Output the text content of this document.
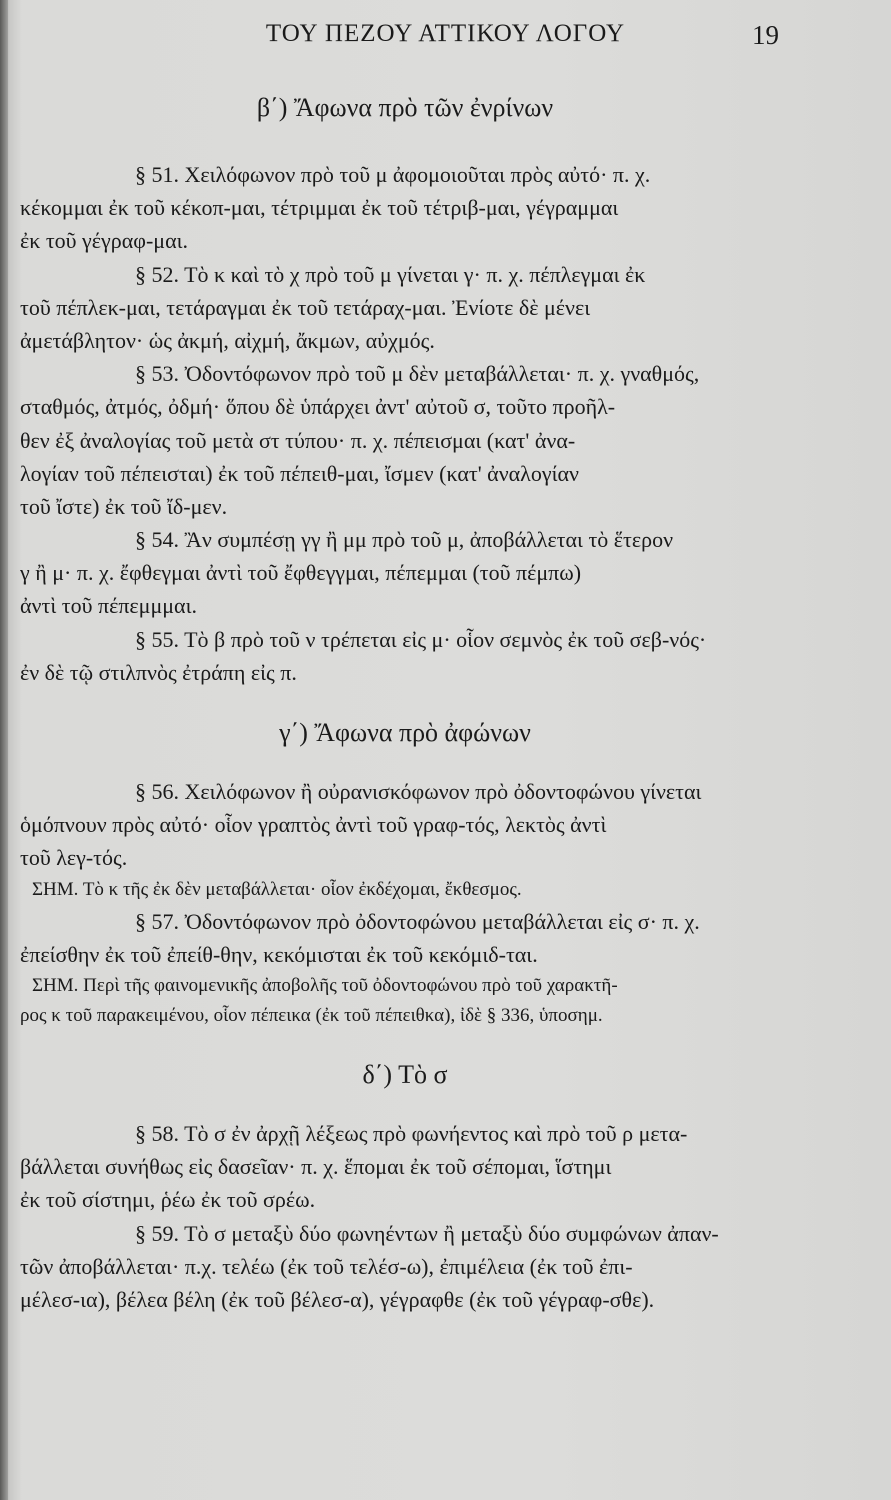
ΤΟΥ ΠΕΖΟΥ ΑΤΤΙΚΟΥ ΛΟΓΟΥ	19
β΄) Ἄφωνα πρὸ τῶν ἐνρίνων
§ 51. Χειλόφωνον πρὸ τοῦ μ ἀφομοιοῦται πρὸς αὐτό· π. χ.
κέκομμαι ἐκ τοῦ κέκοπ-μαι, τέτριμμαι ἐκ τοῦ τέτριβ-μαι, γέγραμμαι
ἐκ τοῦ γέγραφ-μαι.
§ 52. Τὸ κ καὶ τὸ χ πρὸ τοῦ μ γίνεται γ· π. χ. πέπλεγμαι ἐκ
τοῦ πέπλεκ-μαι, τετάραγμαι ἐκ τοῦ τετάραχ-μαι. Ἐνίοτε δὲ μένει
ἀμετάβλητον· ὡς ἀκμή, αἰχμή, ἄκμων, αὐχμός.
§ 53. Ὀδοντόφωνον πρὸ τοῦ μ δὲν μεταβάλλεται· π. χ. γναθμός,
σταθμός, ἀτμός, ὀδμή· ὅπου δὲ ὑπάρχει ἀντ' αὐτοῦ σ, τοῦτο προῆλ-
θεν ἐξ ἀναλογίας τοῦ μετὰ στ τύπου· π. χ. πέπεισμαι (κατ' ἀνα-
λογίαν τοῦ πέπεισται) ἐκ τοῦ πέπειθ-μαι, ἴσμεν (κατ' ἀναλογίαν
τοῦ ἴστε) ἐκ τοῦ ἴδ-μεν.
§ 54. Ἂν συμπέσῃ γγ ἢ μμ πρὸ τοῦ μ, ἀποβάλλεται τὸ ἕτερον
γ ἢ μ· π. χ. ἔφθεγμαι ἀντὶ τοῦ ἔφθεγγμαι, πέπεμμαι (τοῦ πέμπω)
ἀντὶ τοῦ πέπεμμμαι.
§ 55. Τὸ β πρὸ τοῦ ν τρέπεται εἰς μ· οἷον σεμνὸς ἐκ τοῦ σεβ-νός·
ἐν δὲ τῷ στιλπνὸς ἐτράπη εἰς π.
γ΄) Ἄφωνα πρὸ ἀφώνων
§ 56. Χειλόφωνον ἢ οὐρανισκόφωνον πρὸ ὀδοντοφώνου γίνεται
ὁμόπνουν πρὸς αὐτό· οἷον γραπτὸς ἀντὶ τοῦ γραφ-τός, λεκτὸς ἀντὶ
τοῦ λεγ-τός.
ΣΗΜ. Τὸ κ τῆς ἐκ δὲν μεταβάλλεται· οἷον ἐκδέχομαι, ἔκθεσμος.
§ 57. Ὀδοντόφωνον πρὸ ὀδοντοφώνου μεταβάλλεται εἰς σ· π. χ.
ἐπείσθην ἐκ τοῦ ἐπείθ-θην, κεκόμισται ἐκ τοῦ κεκόμιδ-ται.
ΣΗΜ. Περὶ τῆς φαινομενικῆς ἀποβολῆς τοῦ ὀδοντοφώνου πρὸ τοῦ χαρακτῆ-
ρος κ τοῦ παρακειμένου, οἷον πέπεικα (ἐκ τοῦ πέπειθκα), ἰδὲ § 336, ὑποσημ.
δ΄) Τὸ σ
§ 58. Τὸ σ ἐν ἀρχῇ λέξεως πρὸ φωνήεντος καὶ πρὸ τοῦ ρ μετα-
βάλλεται συνήθως εἰς δασεῖαν· π. χ. ἕπομαι ἐκ τοῦ σέπομαι, ἵστημι
ἐκ τοῦ σίστημι, ῥέω ἐκ τοῦ σρέω.
§ 59. Τὸ σ μεταξὺ δύο φωνηέντων ἢ μεταξὺ δύο συμφώνων ἀπαν-
τῶν ἀποβάλλεται· π.χ. τελέω (ἐκ τοῦ τελέσ-ω), ἐπιμέλεια (ἐκ τοῦ ἐπι-
μέλεσ-ια), βέλεα βέλη (ἐκ τοῦ βέλεσ-α), γέγραφθε (ἐκ τοῦ γέγραφ-σθε).
